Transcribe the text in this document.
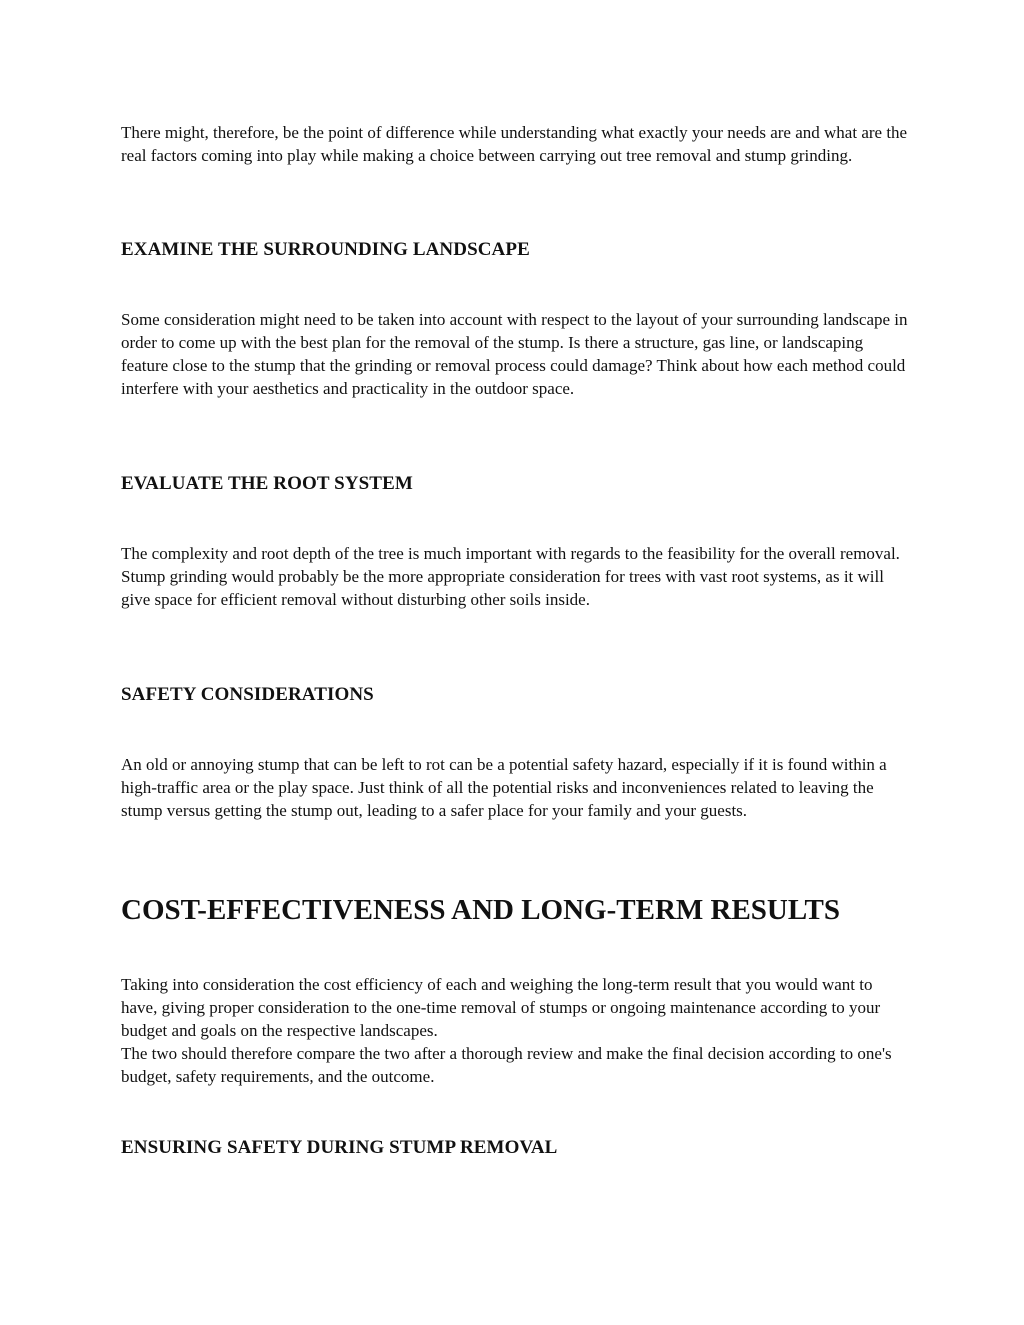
There might, therefore, be the point of difference while understanding what exactly your needs are and what are the real factors coming into play while making a choice between carrying out tree removal and stump grinding.

EXAMINE THE SURROUNDING LANDSCAPE

Some consideration might need to be taken into account with respect to the layout of your surrounding landscape in order to come up with the best plan for the removal of the stump. Is there a structure, gas line, or landscaping feature close to the stump that the grinding or removal process could damage? Think about how each method could interfere with your aesthetics and practicality in the outdoor space.

EVALUATE THE ROOT SYSTEM

The complexity and root depth of the tree is much important with regards to the feasibility for the overall removal. Stump grinding would probably be the more appropriate consideration for trees with vast root systems, as it will give space for efficient removal without disturbing other soils inside.

SAFETY CONSIDERATIONS

An old or annoying stump that can be left to rot can be a potential safety hazard, especially if it is found within a high-traffic area or the play space. Just think of all the potential risks and inconveniences related to leaving the stump versus getting the stump out, leading to a safer place for your family and your guests.

COST-EFFECTIVENESS AND LONG-TERM RESULTS

Taking into consideration the cost efficiency of each and weighing the long-term result that you would want to have, giving proper consideration to the one-time removal of stumps or ongoing maintenance according to your budget and goals on the respective landscapes.

The two should therefore compare the two after a thorough review and make the final decision according to one's budget, safety requirements, and the outcome.

ENSURING SAFETY DURING STUMP REMOVAL
